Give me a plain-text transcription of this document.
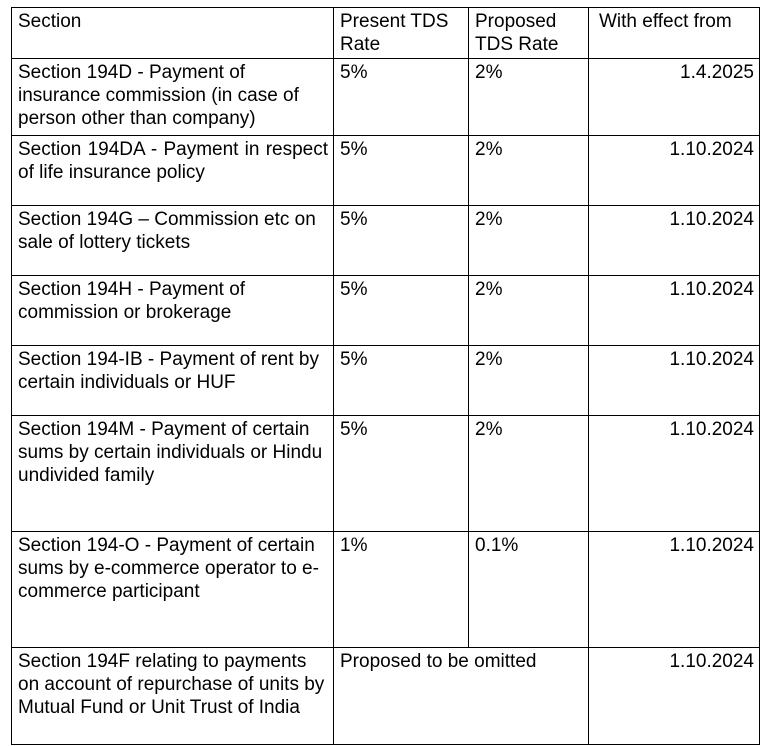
Section	Present TDS Rate	Proposed TDS Rate	With effect from
Section 194D - Payment of insurance commission (in case of person other than company)	5%	2%	1.4.2025
Section 194DA - Payment in respect of life insurance policy	5%	2%	1.10.2024
Section 194G – Commission etc on sale of lottery tickets	5%	2%	1.10.2024
Section 194H - Payment of commission or brokerage	5%	2%	1.10.2024
Section 194-IB - Payment of rent by certain individuals or HUF	5%	2%	1.10.2024
Section 194M - Payment of certain sums by certain individuals or Hindu undivided family	5%	2%	1.10.2024
Section 194-O - Payment of certain sums by e-commerce operator to e-commerce participant	1%	0.1%	1.10.2024
Section 194F relating to payments on account of repurchase of units by Mutual Fund or Unit Trust of India	Proposed to be omitted		1.10.2024
